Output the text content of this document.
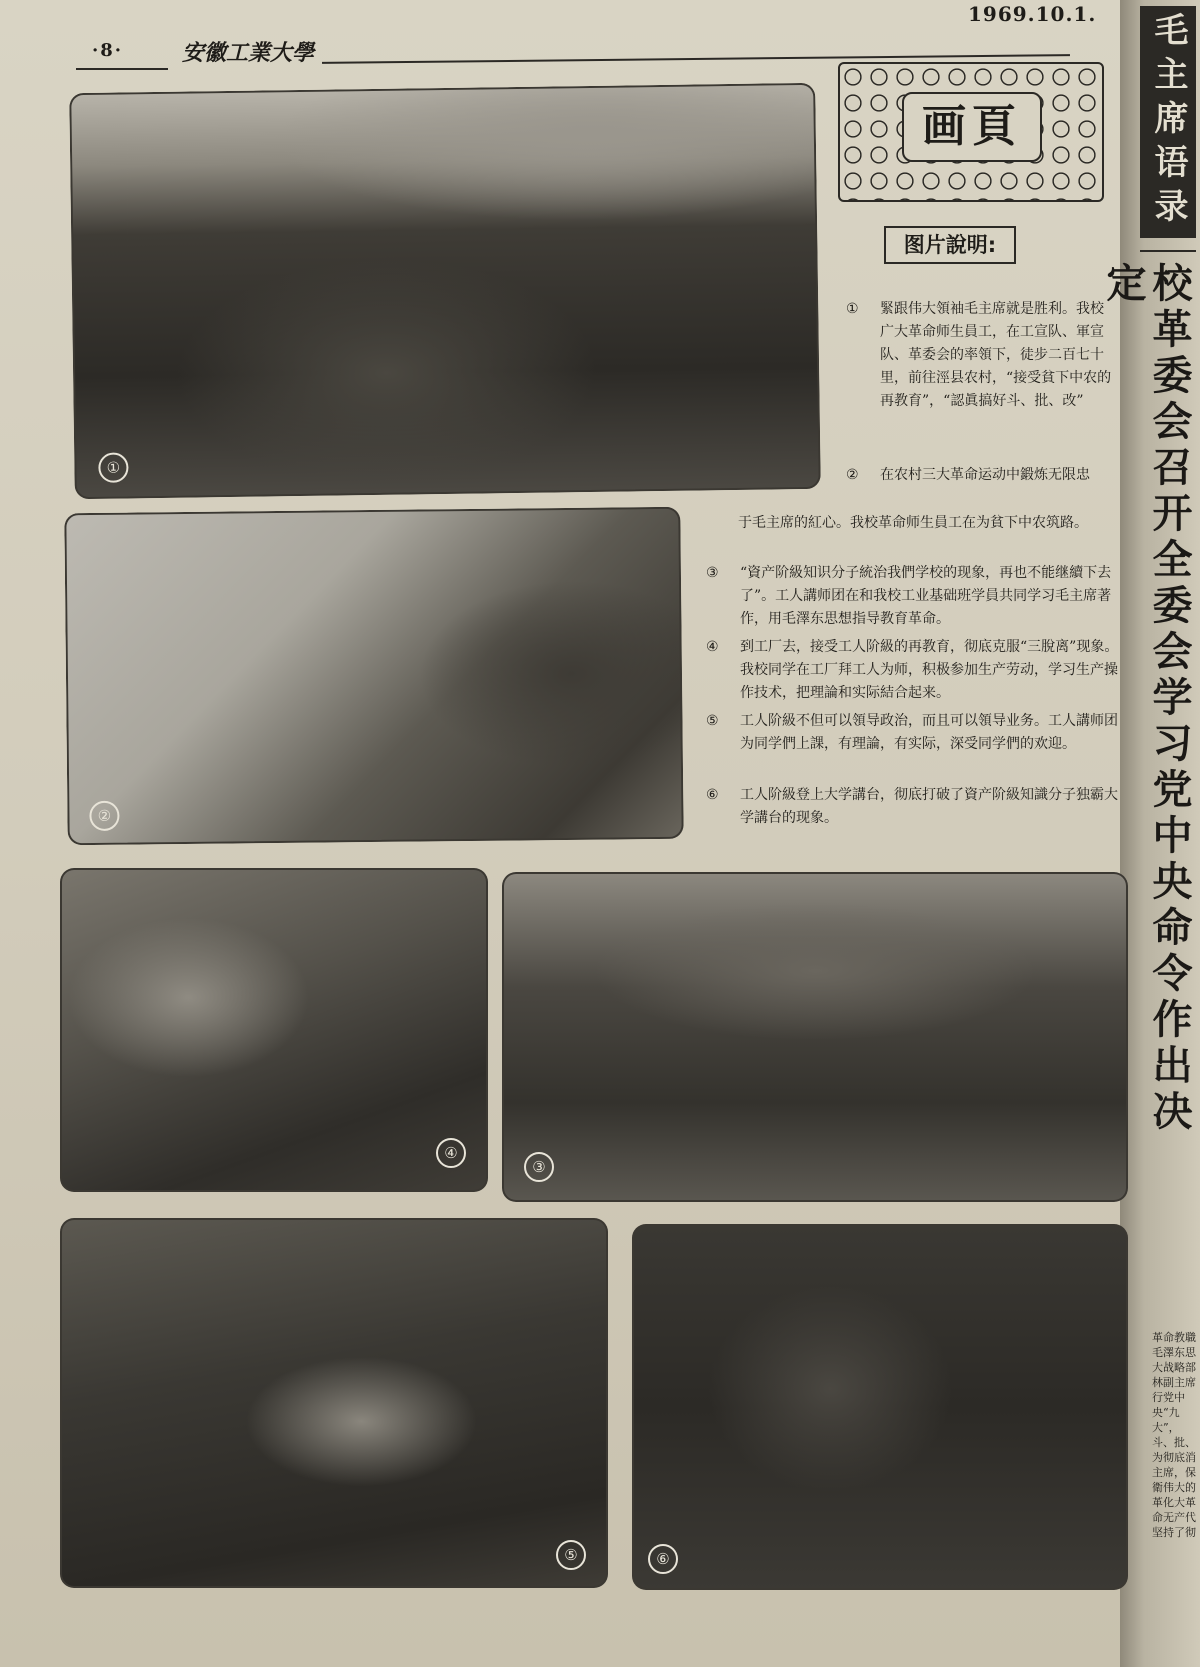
1969.10.1.
·8·	安徽工業大學
①
②
④
③
⑤	⑥
画頁
图片說明:
①	緊跟伟大領袖毛主席就是胜利。我校广大革命师生員工，在工宣队、軍宣队、革委会的率領下，徒步二百七十里，前往涇县农村，“接受貧下中农的再教育”，“認眞搞好斗、批、改”
②	在农村三大革命运动中鍛炼无限忠
于毛主席的紅心。我校革命师生員工在为貧下中农筑路。
③	“資产阶級知识分子統治我們学校的现象，再也不能继續下去了”。工人講师团在和我校工业基础班学員共同学习毛主席著作，用毛澤东思想指导教育革命。
④	到工厂去，接受工人阶級的再教育，彻底克服“三脫离”现象。我校同学在工厂拜工人为师，积极参加生产劳动，学习生产操作技术，把理論和实际結合起来。
⑤	工人阶級不但可以領导政治，而且可以領导业务。工人講师团为同学們上課，有理論，有实际，深受同学們的欢迎。
⑥	工人阶級登上大学講台，彻底打破了資产阶級知識分子独霸大学講台的现象。
毛主席语录
校革委会召开全委会学习党中央命令作出决定
革命教職毛澤东思大战略部林副主席行党中央“九大”，斗、批、为彻底消主席，保衛伟大的革化大革命无产代坚持了彻
